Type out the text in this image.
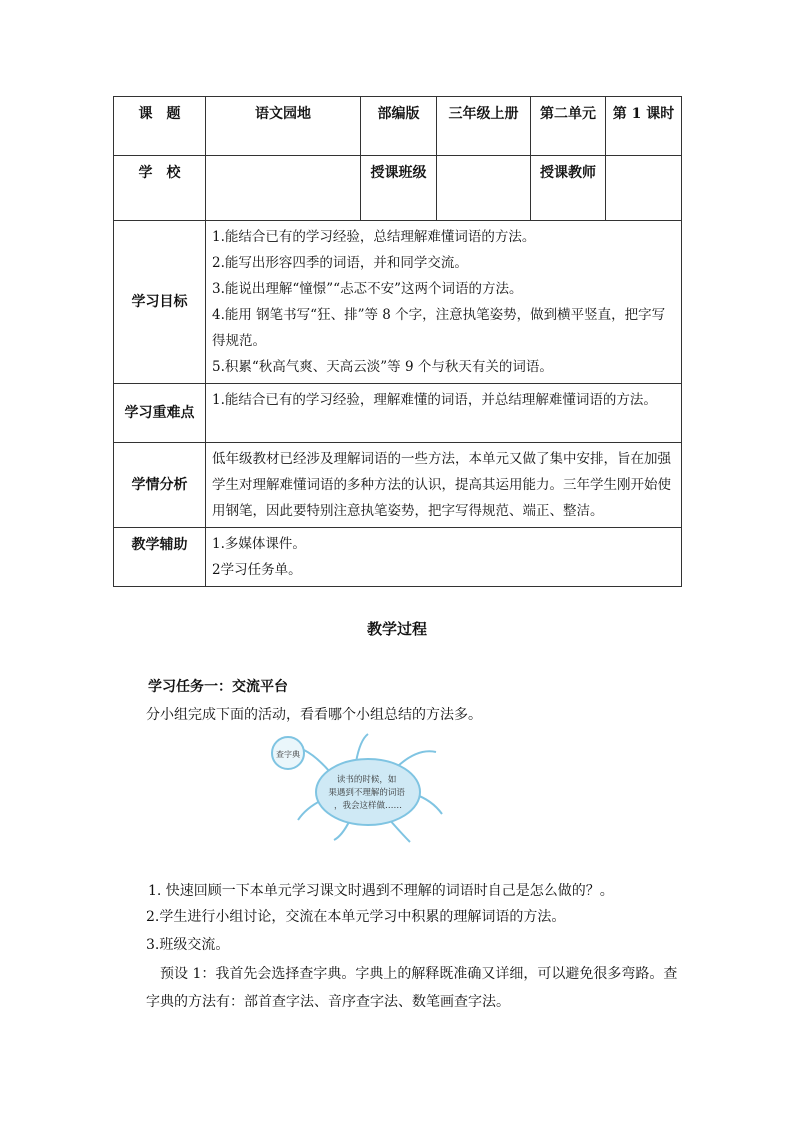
课　题	语文园地	部编版	三年级上册	第二单元	第 1 课时
学　校		授课班级		授课教师	
学习目标	1.能结合已有的学习经验，总结理解难懂词语的方法。
2.能写出形容四季的词语，并和同学交流。
3.能说出理解“憧憬”“忐忑不安”这两个词语的方法。
4.能用 钢笔书写“狂、排”等 8 个字，注意执笔姿势，做到横平竖直，把字写得规范。
5.积累“秋高气爽、天高云淡”等 9 个与秋天有关的词语。				

学习重难点	1.能结合已有的学习经验，理解难懂的词语，并总结理解难懂词语的方法。				
学情分析	低年级教材已经涉及理解词语的一些方法，本单元又做了集中安排，旨在加强学生对理解难懂词语的多种方法的认识，提高其运用能力。三年学生刚开始使用钢笔，因此要特别注意执笔姿势，把字写得规范、端正、整洁。				
教学辅助	1.多媒体课件。
2学习任务单。				
教学过程
学习任务一：交流平台
分小组完成下面的活动，看看哪个小组总结的方法多。
查字典
读书的时候，如 果遇到不理解的词语 ，我会这样做……
1. 快速回顾一下本单元学习课文时遇到不理解的词语时自己是怎么做的？。
2.学生进行小组讨论，交流在本单元学习中积累的理解词语的方法。
3.班级交流。
　预设 1：我首先会选择查字典。字典上的解释既准确又详细，可以避免很多弯路。查字典的方法有：部首查字法、音序查字法、数笔画查字法。
